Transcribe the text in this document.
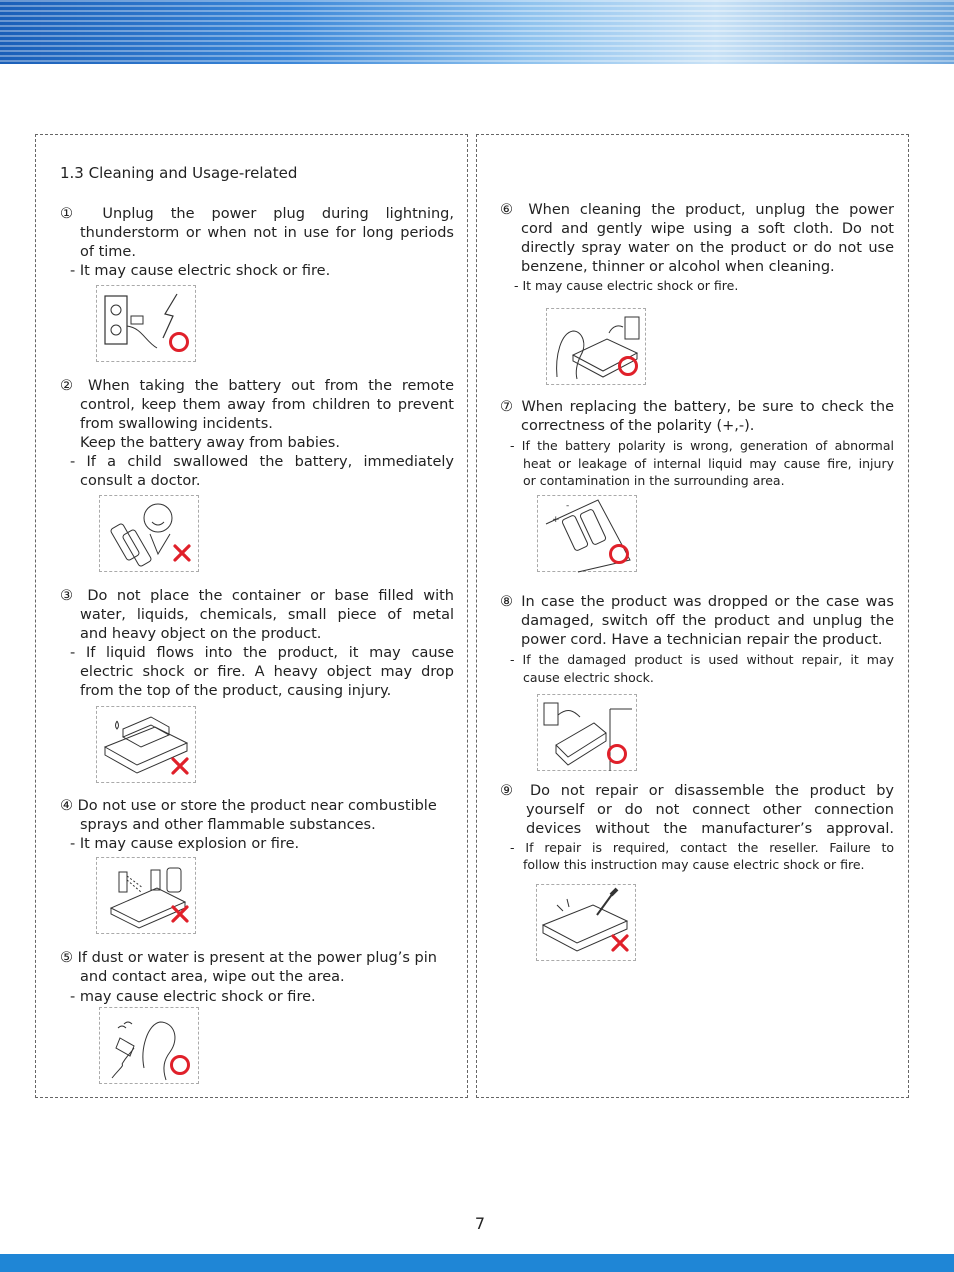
1.3 Cleaning and Usage-related
① Unplug the power plug during lightning,
thunderstorm or when not in use for long periods
of time.
- It may cause electric shock or fire.
② When taking the battery out from the remote
control, keep them away from children to prevent
from swallowing incidents.
Keep the battery away from babies.
- If a child swallowed the battery, immediately
consult a doctor.
③ Do not place the container or base filled with
water, liquids, chemicals, small piece of metal
and heavy object on the product.
- If liquid flows into the product, it may cause
electric shock or fire. A heavy object may drop
from the top of the product, causing injury.
④ Do not use or store the product near combustible
sprays and other flammable substances.
- It may cause explosion or fire.
⑤ If dust or water is present at the power plug’s pin
and contact area, wipe out the area.
- may cause electric shock or fire.
⑥ When cleaning the product, unplug the power
cord and gently wipe using a soft cloth. Do not
directly spray water on the product or do not use
benzene, thinner or alcohol when cleaning.
- It may cause electric shock or fire.
⑦ When replacing the battery, be sure to check the
correctness of the polarity (+,-).
- If the battery polarity is wrong, generation of abnormal
heat or leakage of internal liquid may cause fire, injury
or contamination in the surrounding area.
+
-
⑧ In case the product was dropped or the case was
damaged, switch off the product and unplug the
power cord. Have a technician repair the product.
- If the damaged product is used without repair, it may
cause electric shock.
⑨ Do not repair or disassemble the product by
yourself or do not connect other connection
devices without the manufacturer’s approval.
- If repair is required, contact the reseller. Failure to
follow this instruction may cause electric shock or fire.
7
